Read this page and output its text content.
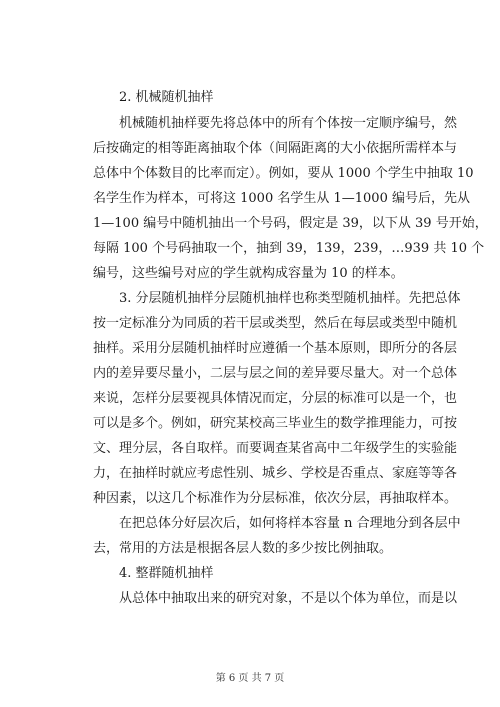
2. 机械随机抽样
机械随机抽样要先将总体中的所有个体按一定顺序编号，然
后按确定的相等距离抽取个体（间隔距离的大小依据所需样本与
总体中个体数目的比率而定）。例如，要从 1000 个学生中抽取 10
名学生作为样本，可将这 1000 名学生从 1—1000 编号后，先从
1—100 编号中随机抽出一个号码，假定是 39，以下从 39 号开始，
每隔 100 个号码抽取一个，抽到 39，139，239，…939 共 10 个
编号，这些编号对应的学生就构成容量为 10 的样本。
3. 分层随机抽样分层随机抽样也称类型随机抽样。先把总体
按一定标准分为同质的若干层或类型，然后在每层或类型中随机
抽样。采用分层随机抽样时应遵循一个基本原则，即所分的各层
内的差异要尽量小，二层与层之间的差异要尽量大。对一个总体
来说，怎样分层要视具体情况而定，分层的标准可以是一个，也
可以是多个。例如，研究某校高三毕业生的数学推理能力，可按
文、理分层，各自取样。而要调查某省高中二年级学生的实验能
力，在抽样时就应考虑性别、城乡、学校是否重点、家庭等等各
种因素，以这几个标准作为分层标准，依次分层，再抽取样本。
在把总体分好层次后，如何将样本容量 n 合理地分到各层中
去，常用的方法是根据各层人数的多少按比例抽取。
4. 整群随机抽样
从总体中抽取出来的研究对象，不是以个体为单位，而是以
第 6 页 共 7 页
